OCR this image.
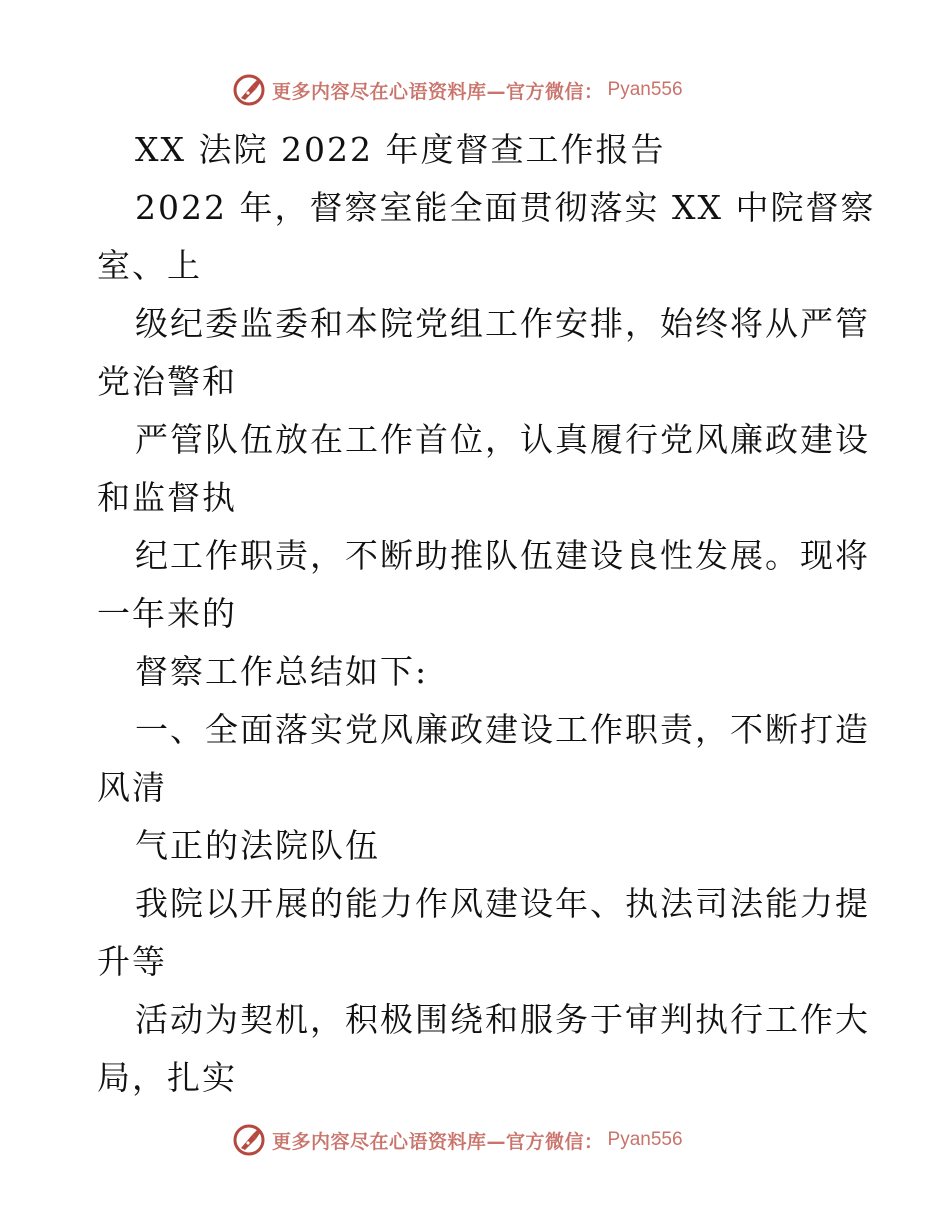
更多内容尽在心语资料库—官方微信： Pyan556
XX 法院 2022 年度督查工作报告
2022 年，督察室能全面贯彻落实 XX 中院督察
室、上
级纪委监委和本院党组工作安排，始终将从严管
党治警和
严管队伍放在工作首位，认真履行党风廉政建设
和监督执
纪工作职责，不断助推队伍建设良性发展。现将
一年来的
督察工作总结如下:
一、全面落实党风廉政建设工作职责，不断打造
风清
气正的法院队伍
我院以开展的能力作风建设年、执法司法能力提
升等
活动为契机，积极围绕和服务于审判执行工作大
局，扎实
更多内容尽在心语资料库—官方微信： Pyan556
